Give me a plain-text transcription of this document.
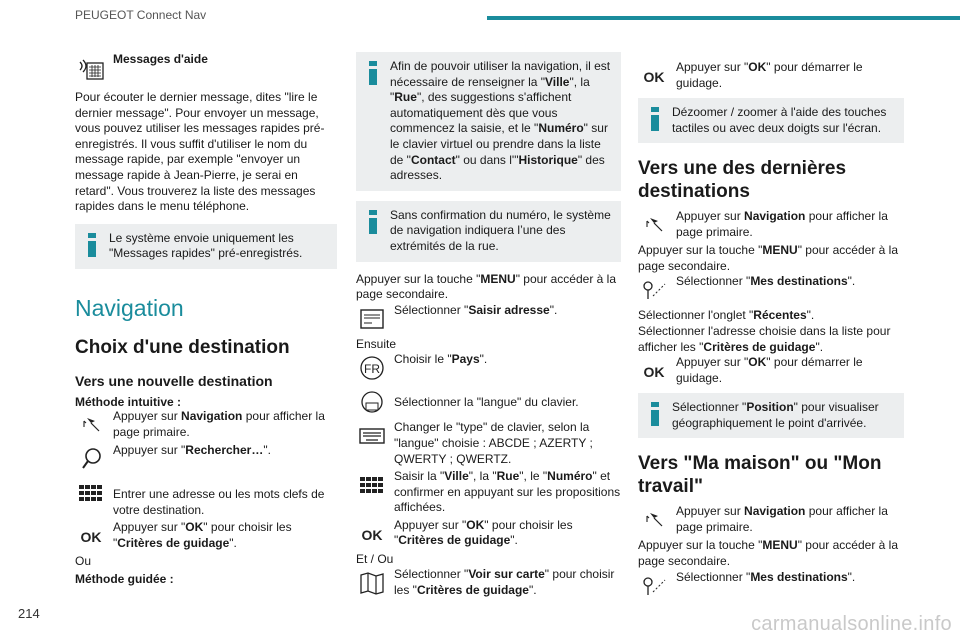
PEUGEOT Connect Nav
Messages d'aide

Pour écouter le dernier message, dites "lire le dernier message". Pour envoyer un message, vous pouvez utiliser les messages rapides pré-enregistrés. Il vous suffit d'utiliser le nom du message rapide, par exemple "envoyer un message rapide à Jean-Pierre, je serai en retard". Vous trouverez la liste des messages rapides dans le menu téléphone.

Le système envoie uniquement les "Messages rapides" pré-enregistrés.
Navigation
Choix d'une destination
Vers une nouvelle destination
Méthode intuitive :
Appuyer sur Navigation pour afficher la page primaire.
Appuyer sur "Rechercher…".
Entrer une adresse ou les mots clefs de votre destination.
OK
Appuyer sur "OK" pour choisir les "Critères de guidage".

Ou

Méthode guidée :

Afin de pouvoir utiliser la navigation, il est nécessaire de renseigner la "Ville", la "Rue", des suggestions s'affichent automatiquement dès que vous commencez la saisie, et le "Numéro" sur le clavier virtuel ou prendre dans la liste de "Contact" ou dans l'"Historique" des adresses.
Sans confirmation du numéro, le système de navigation indiquera l’une des extrémités de la rue.

Appuyer sur la touche "MENU" pour accéder à la page secondaire.

Sélectionner "Saisir adresse".

Ensuite

FR
Choisir le "Pays".
Sélectionner la "langue" du clavier.
Changer le "type" de clavier, selon la "langue" choisie : ABCDE ; AZERTY ; QWERTY ; QWERTZ.
Saisir la "Ville", la "Rue", le "Numéro" et confirmer en appuyant sur les propositions affichées.
OK
Appuyer sur "OK" pour choisir les "Critères de guidage".

Et / Ou

Sélectionner "Voir sur carte" pour choisir les "Critères de guidage".
OK
Appuyer sur "OK" pour démarrer le guidage.
Dézoomer / zoomer à l'aide des touches tactiles ou avec deux doigts sur l'écran.
Vers une des dernières destinations
Appuyer sur Navigation pour afficher la page primaire.

Appuyer sur la touche "MENU" pour accéder à la page secondaire.

Sélectionner "Mes destinations".

Sélectionner l'onglet "Récentes".

Sélectionner l'adresse choisie dans la liste pour afficher les "Critères de guidage".

OK
Appuyer sur "OK" pour démarrer le guidage.
Sélectionner "Position" pour visualiser géographiquement le point d'arrivée.
Vers "Ma maison" ou "Mon travail"
Appuyer sur Navigation pour afficher la page primaire.

Appuyer sur la touche "MENU" pour accéder à la page secondaire.

Sélectionner "Mes destinations".
214	carmanualsonline.info
